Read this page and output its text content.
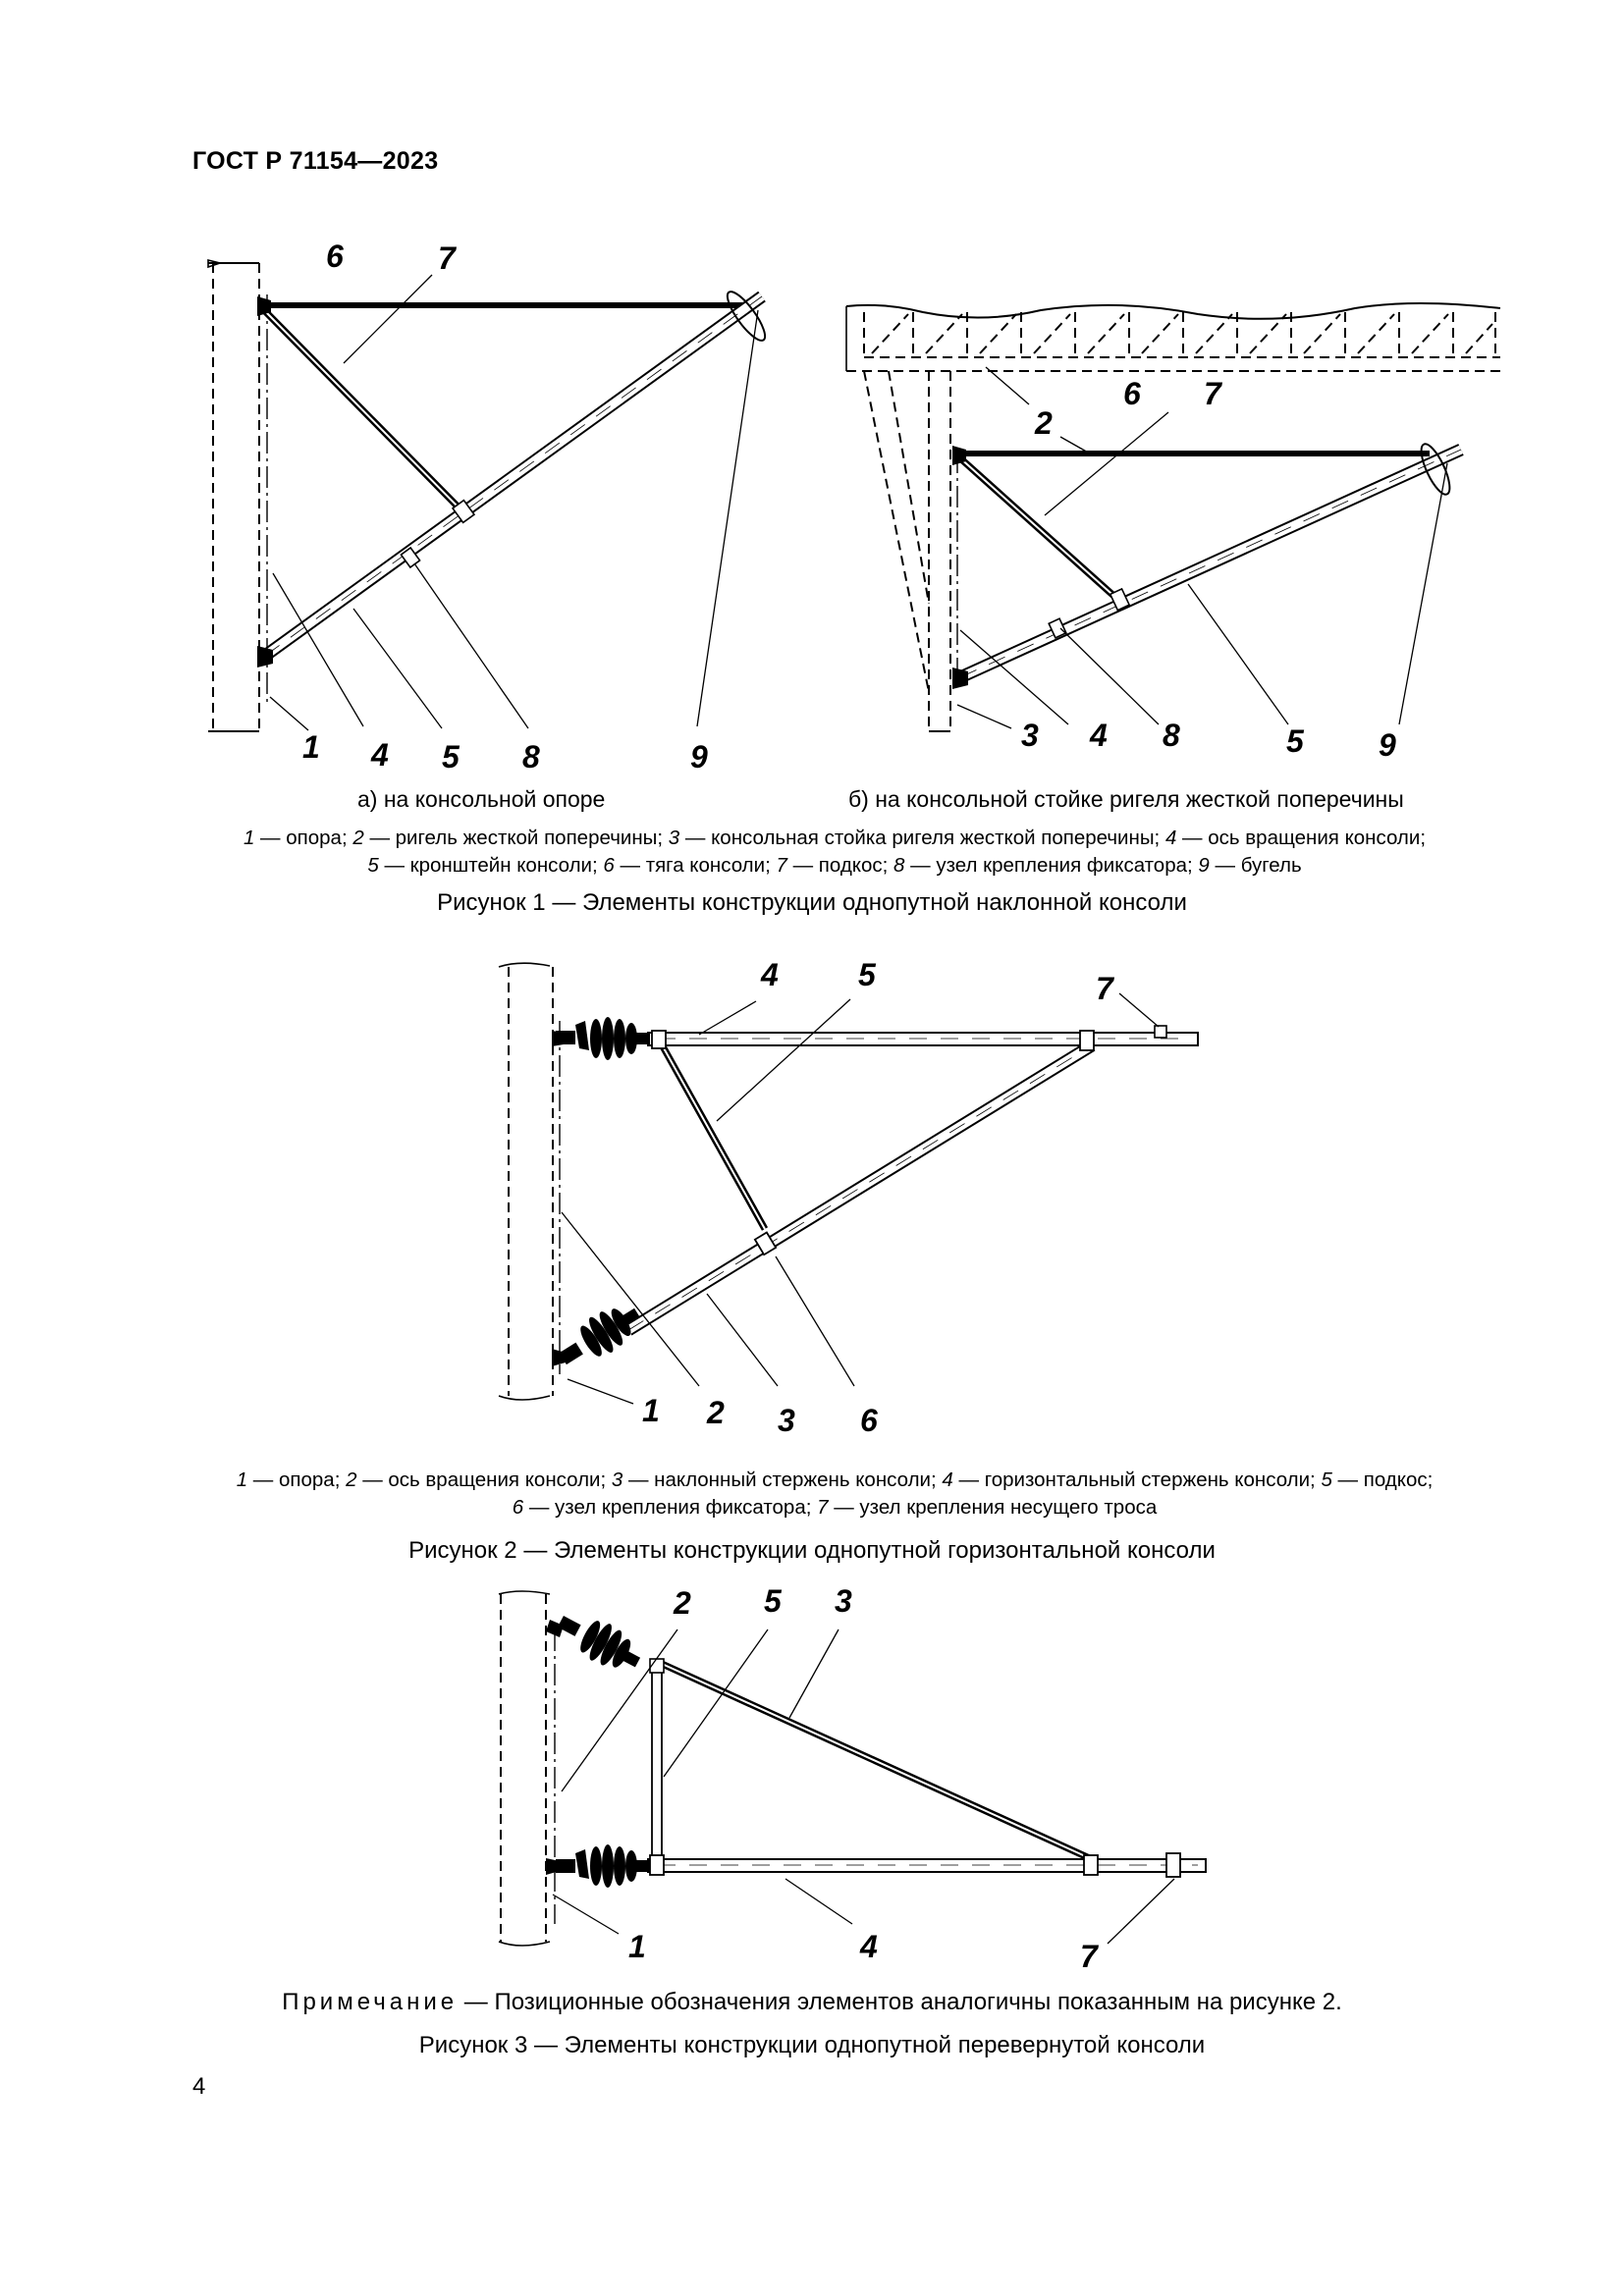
ГОСТ Р 71154—2023
6	7
1 4 5 8	9
2
6 7
3 4 8	5 9
а) на консольной опоре	б) на консольной стойке ригеля жесткой поперечины
1 — опора; 2 — ригель жесткой поперечины; 3 — консольная стойка ригеля жесткой поперечины; 4 — ось вращения консоли;
5 — кронштейн консоли; 6 — тяга консоли; 7 — подкос; 8 — узел крепления фиксатора; 9 — бугель
Рисунок 1 — Элементы конструкции однопутной наклонной консоли
4	5	7
1 2 3 6
1 — опора; 2 — ось вращения консоли; 3 — наклонный стержень консоли; 4 — горизонтальный стержень консоли; 5 — подкос;
6 — узел крепления фиксатора; 7 — узел крепления несущего троса
Рисунок 2 — Элементы конструкции однопутной горизонтальной консоли
2 5 3
1	4	7
Примечание — Позиционные обозначения элементов аналогичны показанным на рисунке 2.
Рисунок 3 — Элементы конструкции однопутной перевернутой консоли
4
